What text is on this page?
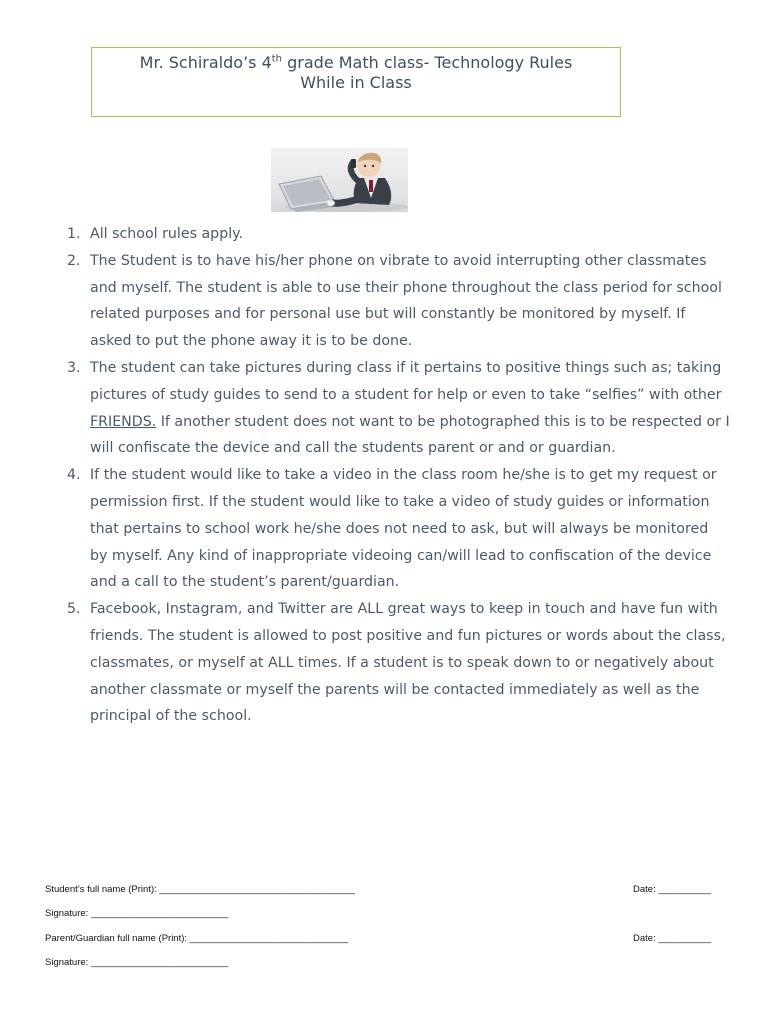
Mr. Schiraldo’s 4th grade Math class- Technology Rules
While in Class
1. All school rules apply.
2. The Student is to have his/her phone on vibrate to avoid interrupting other classmates and myself. The student is able to use their phone throughout the class period for school related purposes and for personal use but will constantly be monitored by myself. If asked to put the phone away it is to be done.
3. The student can take pictures during class if it pertains to positive things such as; taking pictures of study guides to send to a student for help or even to take “selfies” with other FRIENDS. If another student does not want to be photographed this is to be respected or I will confiscate the device and call the students parent or and or guardian.
4. If the student would like to take a video in the class room he/she is to get my request or permission first. If the student would like to take a video of study guides or information that pertains to school work he/she does not need to ask, but will always be monitored by myself. Any kind of inappropriate videoing can/will lead to confiscation of the device and a call to the student’s parent/guardian.
5. Facebook, Instagram, and Twitter are ALL great ways to keep in touch and have fun with friends. The student is allowed to post positive and fun pictures or words about the class, classmates, or myself at ALL times. If a student is to speak down to or negatively about another classmate or myself the parents will be contacted immediately as well as the principal of the school.
Student’s full name (Print): _____________________________________	Date: __________
Signature: __________________________
Parent/Guardian full name (Print): ______________________________	Date: __________
Signature: __________________________
